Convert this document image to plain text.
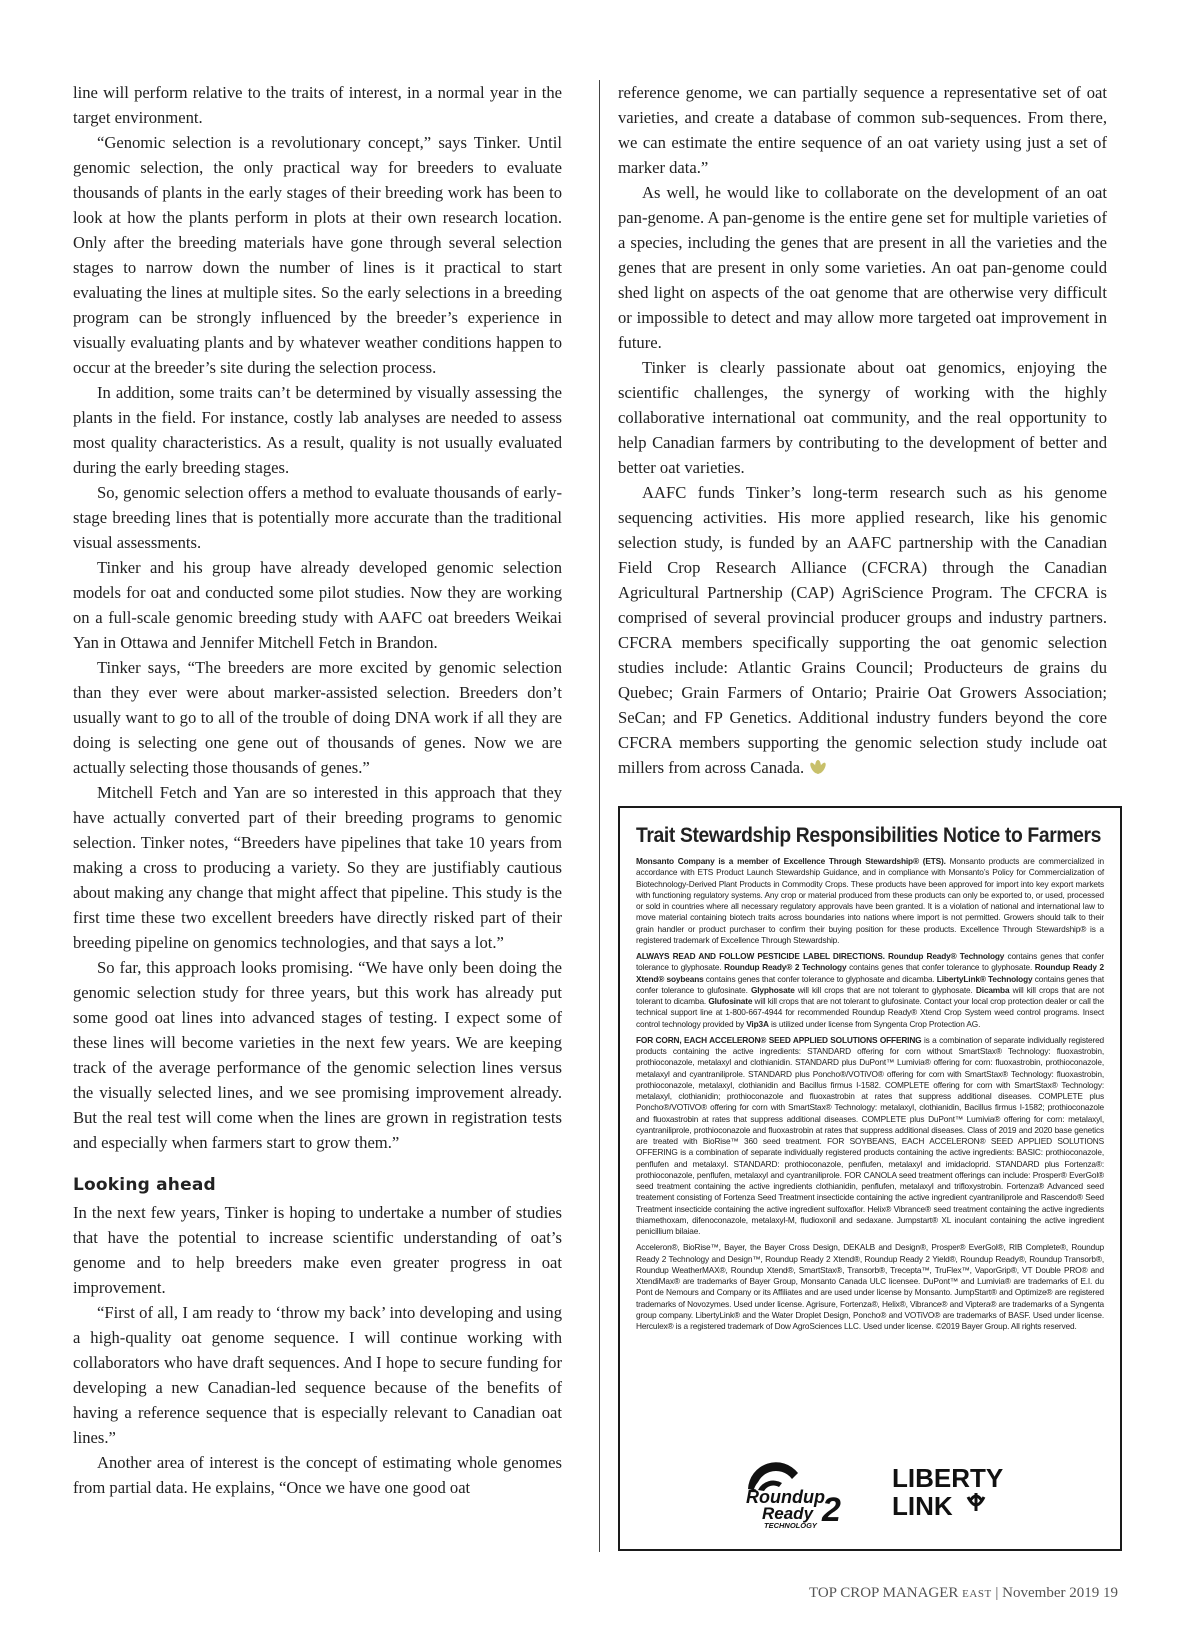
line will perform relative to the traits of interest, in a normal year in the target environment.

“Genomic selection is a revolutionary concept,” says Tinker. Until genomic selection, the only practical way for breeders to evaluate thousands of plants in the early stages of their breeding work has been to look at how the plants perform in plots at their own research location. Only after the breeding materials have gone through several selection stages to narrow down the number of lines is it practical to start evaluating the lines at multiple sites. So the early selections in a breeding program can be strongly influenced by the breeder’s experience in visually evaluating plants and by whatever weather conditions happen to occur at the breeder’s site during the selection process.

In addition, some traits can’t be determined by visually assessing the plants in the field. For instance, costly lab analyses are needed to assess most quality characteristics. As a result, quality is not usually evaluated during the early breeding stages.

So, genomic selection offers a method to evaluate thousands of early-stage breeding lines that is potentially more accurate than the traditional visual assessments.

Tinker and his group have already developed genomic selection models for oat and conducted some pilot studies. Now they are working on a full-scale genomic breeding study with AAFC oat breeders Weikai Yan in Ottawa and Jennifer Mitchell Fetch in Brandon.

Tinker says, “The breeders are more excited by genomic selection than they ever were about marker-assisted selection. Breeders don’t usually want to go to all of the trouble of doing DNA work if all they are doing is selecting one gene out of thousands of genes. Now we are actually selecting those thousands of genes.”

Mitchell Fetch and Yan are so interested in this approach that they have actually converted part of their breeding programs to genomic selection. Tinker notes, “Breeders have pipelines that take 10 years from making a cross to producing a variety. So they are justifiably cautious about making any change that might affect that pipeline. This study is the first time these two excellent breeders have directly risked part of their breeding pipeline on genomics technologies, and that says a lot.”

So far, this approach looks promising. “We have only been doing the genomic selection study for three years, but this work has already put some good oat lines into advanced stages of testing. I expect some of these lines will become varieties in the next few years. We are keeping track of the average performance of the genomic selection lines versus the visually selected lines, and we see promising improvement already. But the real test will come when the lines are grown in registration tests and especially when farmers start to grow them.”

Looking ahead

In the next few years, Tinker is hoping to undertake a number of studies that have the potential to increase scientific understanding of oat’s genome and to help breeders make even greater progress in oat improvement.

“First of all, I am ready to ‘throw my back’ into developing and using a high-quality oat genome sequence. I will continue working with collaborators who have draft sequences. And I hope to secure funding for developing a new Canadian-led sequence because of the benefits of having a reference sequence that is especially relevant to Canadian oat lines.”

Another area of interest is the concept of estimating whole genomes from partial data. He explains, “Once we have one good oat

reference genome, we can partially sequence a representative set of oat varieties, and create a database of common sub-sequences. From there, we can estimate the entire sequence of an oat variety using just a set of marker data.”

As well, he would like to collaborate on the development of an oat pan-genome. A pan-genome is the entire gene set for multiple varieties of a species, including the genes that are present in all the varieties and the genes that are present in only some varieties. An oat pan-genome could shed light on aspects of the oat genome that are otherwise very difficult or impossible to detect and may allow more targeted oat improvement in future.

Tinker is clearly passionate about oat genomics, enjoying the scientific challenges, the synergy of working with the highly collaborative international oat community, and the real opportunity to help Canadian farmers by contributing to the development of better and better oat varieties.

AAFC funds Tinker’s long-term research such as his genome sequencing activities. His more applied research, like his genomic selection study, is funded by an AAFC partnership with the Canadian Field Crop Research Alliance (CFCRA) through the Canadian Agricultural Partnership (CAP) AgriScience Program. The CFCRA is comprised of several provincial producer groups and industry partners. CFCRA members specifically supporting the oat genomic selection studies include: Atlantic Grains Council; Producteurs de grains du Quebec; Grain Farmers of Ontario; Prairie Oat Growers Association; SeCan; and FP Genetics. Additional industry funders beyond the core CFCRA members supporting the genomic selection study include oat millers from across Canada.

Trait Stewardship Responsibilities Notice to Farmers

Monsanto Company is a member of Excellence Through Stewardship® (ETS). Monsanto products are commercialized in accordance with ETS Product Launch Stewardship Guidance, and in compliance with Monsanto’s Policy for Commercialization of Biotechnology-Derived Plant Products in Commodity Crops. These products have been approved for import into key export markets with functioning regulatory systems. Any crop or material produced from these products can only be exported to, or used, processed or sold in countries where all necessary regulatory approvals have been granted. It is a violation of national and international law to move material containing biotech traits across boundaries into nations where import is not permitted. Growers should talk to their grain handler or product purchaser to confirm their buying position for these products. Excellence Through Stewardship® is a registered trademark of Excellence Through Stewardship.

ALWAYS READ AND FOLLOW PESTICIDE LABEL DIRECTIONS. Roundup Ready® Technology contains genes that confer tolerance to glyphosate. Roundup Ready® 2 Technology contains genes that confer tolerance to glyphosate. Roundup Ready 2 Xtend® soybeans contains genes that confer tolerance to glyphosate and dicamba. LibertyLink® Technology contains genes that confer tolerance to glufosinate. Glyphosate will kill crops that are not tolerant to glyphosate. Dicamba will kill crops that are not tolerant to dicamba. Glufosinate will kill crops that are not tolerant to glufosinate. Contact your local crop protection dealer or call the technical support line at 1-800-667-4944 for recommended Roundup Ready® Xtend Crop System weed control programs. Insect control technology provided by Vip3A is utilized under license from Syngenta Crop Protection AG.

FOR CORN, EACH ACCELERON® SEED APPLIED SOLUTIONS OFFERING is a combination of separate individually registered products containing the active ingredients: STANDARD offering for corn without SmartStax® Technology: fluoxastrobin, prothioconazole, metalaxyl and clothianidin. STANDARD plus DuPont™ Lumivia® offering for corn: fluoxastrobin, prothioconazole, metalaxyl and cyantraniliprole. STANDARD plus Poncho®/VOTiVO® offering for corn with SmartStax® Technology: fluoxastrobin, prothioconazole, metalaxyl, clothianidin and Bacillus firmus I-1582. COMPLETE offering for corn with SmartStax® Technology: metalaxyl, clothianidin; prothioconazole and fluoxastrobin at rates that suppress additional diseases. COMPLETE plus Poncho®/VOTiVO® offering for corn with SmartStax® Technology: metalaxyl, clothianidin, Bacillus firmus I-1582; prothioconazole and fluoxastrobin at rates that suppress additional diseases. COMPLETE plus DuPont™ Lumivia® offering for corn: metalaxyl, cyantraniliprole, prothioconazole and fluoxastrobin at rates that suppress additional diseases. Class of 2019 and 2020 base genetics are treated with BioRise™ 360 seed treatment. FOR SOYBEANS, EACH ACCELERON® SEED APPLIED SOLUTIONS OFFERING is a combination of separate individually registered products containing the active ingredients: BASIC: prothioconazole, penflufen and metalaxyl. STANDARD: prothioconazole, penflufen, metalaxyl and imidacloprid. STANDARD plus Fortenza®: prothioconazole, penflufen, metalaxyl and cyantraniliprole. FOR CANOLA seed treatment offerings can include: Prosper® EverGol® seed treatment containing the active ingredients clothianidin, penflufen, metalaxyl and trifloxystrobin. Fortenza® Advanced seed treatement consisting of Fortenza Seed Treatment insecticide containing the active ingredient cyantraniliprole and Rascendo® Seed Treatment insecticide containing the active ingredient sulfoxaflor. Helix® Vibrance® seed treatment containing the active ingredients thiamethoxam, difenoconazole, metalaxyl-M, fludioxonil and sedaxane. Jumpstart® XL inoculant containing the active ingredient penicillium bilaiae.

Acceleron®, BioRise™, Bayer, the Bayer Cross Design, DEKALB and Design®, Prosper® EverGol®, RIB Complete®, Roundup Ready 2 Technology and Design™, Roundup Ready 2 Xtend®, Roundup Ready 2 Yield®, Roundup Ready®, Roundup Transorb®, Roundup WeatherMAX®, Roundup Xtend®, SmartStax®, Transorb®, Trecepta™, TruFlex™, VaporGrip®, VT Double PRO® and XtendiMax® are trademarks of Bayer Group, Monsanto Canada ULC licensee. DuPont™ and Lumivia® are trademarks of E.I. du Pont de Nemours and Company or its Affiliates and are used under license by Monsanto. JumpStart® and Optimize® are registered trademarks of Novozymes. Used under license. Agrisure, Fortenza®, Helix®, Vibrance® and Viptera® are trademarks of a Syngenta group company. LibertyLink® and the Water Droplet Design, Poncho® and VOTiVO® are trademarks of BASF. Used under license. Herculex® is a registered trademark of Dow AgroSciences LLC. Used under license. ©2019 Bayer Group. All rights reserved.

Roundup
Ready 2
TECHNOLOGY
LIBERTY
LINK
TOP CROP MANAGER EAST | November 2019 19
